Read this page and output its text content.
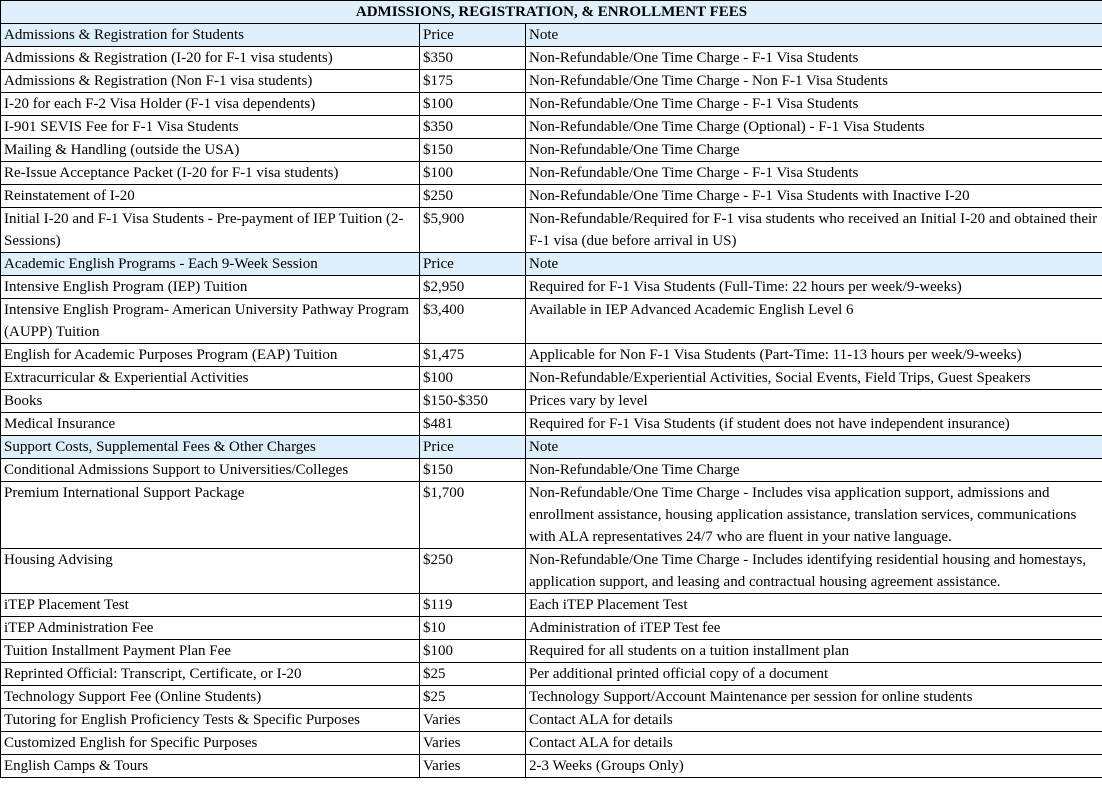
ADMISSIONS, REGISTRATION, & ENROLLMENT FEES		
Admissions & Registration for Students	Price	Note
Admissions & Registration (I-20 for F-1 visa students)	$350	Non-Refundable/One Time Charge - F-1 Visa Students
Admissions & Registration (Non F-1 visa students)	$175	Non-Refundable/One Time Charge - Non F-1 Visa Students
I-20 for each F-2 Visa Holder (F-1 visa dependents)	$100	Non-Refundable/One Time Charge - F-1 Visa Students
I-901 SEVIS Fee for F-1 Visa Students	$350	Non-Refundable/One Time Charge (Optional) - F-1 Visa Students
Mailing & Handling (outside the USA)	$150	Non-Refundable/One Time Charge
Re-Issue Acceptance Packet (I-20 for F-1 visa students)	$100	Non-Refundable/One Time Charge - F-1 Visa Students
Reinstatement of I-20	$250	Non-Refundable/One Time Charge - F-1 Visa Students with Inactive I-20
Initial I-20 and F-1 Visa Students - Pre-payment of IEP Tuition (2-Sessions)	$5,900	Non-Refundable/Required for F-1 visa students who received an Initial I-20 and obtained their F-1 visa (due before arrival in US)
Academic English Programs - Each 9-Week Session	Price	Note
Intensive English Program (IEP) Tuition	$2,950	Required for F-1 Visa Students (Full-Time: 22 hours per week/9-weeks)
Intensive English Program- American University Pathway Program (AUPP) Tuition	$3,400	Available in IEP Advanced Academic English Level 6
English for Academic Purposes Program (EAP) Tuition	$1,475	Applicable for Non F-1 Visa Students (Part-Time: 11-13 hours per week/9-weeks)
Extracurricular & Experiential Activities	$100	Non-Refundable/Experiential Activities, Social Events, Field Trips, Guest Speakers
Books	$150-$350	Prices vary by level
Medical Insurance	$481	Required for F-1 Visa Students (if student does not have independent insurance)
Support Costs, Supplemental Fees & Other Charges	Price	Note
Conditional Admissions Support to Universities/Colleges	$150	Non-Refundable/One Time Charge
Premium International Support Package	$1,700	Non-Refundable/One Time Charge - Includes visa application support, admissions and enrollment assistance, housing application assistance, translation services, communications with ALA representatives 24/7 who are fluent in your native language.
Housing Advising	$250	Non-Refundable/One Time Charge - Includes identifying residential housing and homestays, application support, and leasing and contractual housing agreement assistance.
iTEP Placement Test	$119	Each iTEP Placement Test
iTEP Administration Fee	$10	Administration of iTEP Test fee
Tuition Installment Payment Plan Fee	$100	Required for all students on a tuition installment plan
Reprinted Official: Transcript, Certificate, or I-20	$25	Per additional printed official copy of a document
Technology Support Fee (Online Students)	$25	Technology Support/Account Maintenance per session for online students
Tutoring for English Proficiency Tests & Specific Purposes	Varies	Contact ALA for details
Customized English for Specific Purposes	Varies	Contact ALA for details
English Camps & Tours	Varies	2-3 Weeks (Groups Only)
